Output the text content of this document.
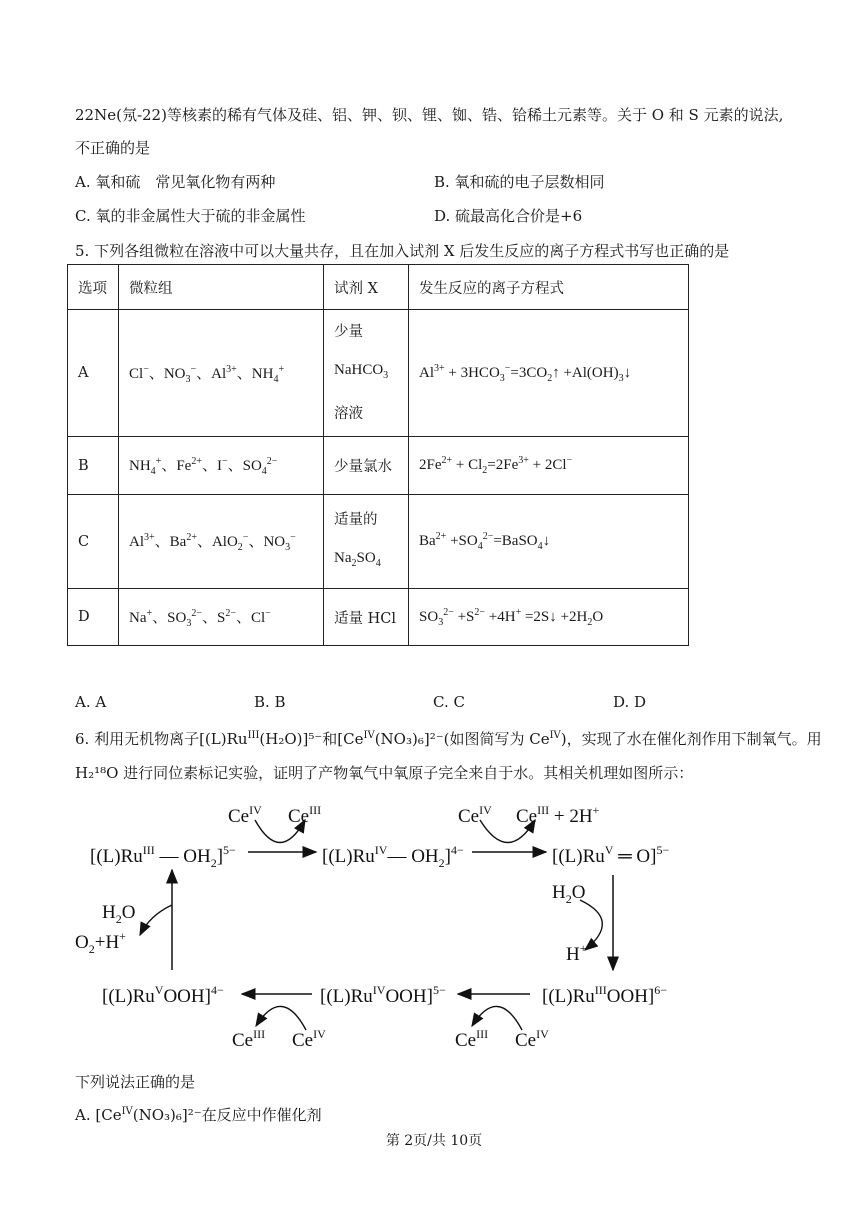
22Ne(氖-22)等核素的稀有气体及硅、铝、钾、钡、锂、铷、锆、铪稀土元素等。关于 O 和 S 元素的说法,
不正确的是
A. 氧和硫　常见氧化物有两种	B. 氧和硫的电子层数相同
C. 氧的非金属性大于硫的非金属性	D. 硫最高化合价是+6
5. 下列各组微粒在溶液中可以大量共存，且在加入试剂 X 后发生反应的离子方程式书写也正确的是
选项	微粒组	试剂 X	发生反应的离子方程式
A	Cl−、$NO_3^-$、$Al^{3+}$、$NH_4^+$	少量
NaHCO$_3$
溶液	$Al^{3+}$ + $3HCO_3^-=3CO_2↑$ $+Al(OH)_3↓$
B	$NH_4^+$、$Fe^{2+}$、I−、$SO_4^{2-}$	少量氯水	$2Fe^{2+} + Cl_2=2Fe^{3+} + 2Cl^-$
C	$Al^{3+}$、$Ba^{2+}$、AlO$_2$−、$NO_3^-$	适量的
$Na_2SO_4$	$Ba^{2+}$ $+SO_4^{2-}=BaSO_4↓$
D	Na+、$SO_3^{2-}$、$S^{2-}$、Cl−	适量 HCl	$SO_3^{2-} +S^{2-} +4H^+$ =2S↓ $+2H_2O$
A. A	B. B	C. C	D. D
6. 利用无机物离子$[(L)Ru^{III}(H_2O)]^{5-}$和$[Ce^{IV}(NO_3)_6]^{2-}$(如图简写为 $Ce^{IV}$)，实现了水在催化剂作用下制氧气。用
H₂¹⁸O 进行同位素标记实验，证明了产物氧气中氧原子完全来自于水。其相关机理如图所示：
[$(L)Ru^{III}$ — $OH_2]^{5-}$	[$(L)Ru^{IV}—$ $OH_2]^{4-}$	[$(L)Ru^V$ ═ O]$^{5-}$
$[(L)Ru^VOOH]^{4-}$	$[(L)Ru^{IV}OOH]^{5-}$	$[(L)Ru^{III}OOH]^{6-}$
$Ce^{IV}$ $Ce^{III}$	$Ce^{IV}$ $Ce^{III} + 2H^+$
$H_2O$
H+
$Ce^{III}$ $Ce^{IV}$
$Ce^{III}$ $Ce^{IV}$
$H_2O$
$O_2+H^+$
下列说法正确的是
A. $[Ce^{IV}(NO_3)_6]^{2-}$在反应中作催化剂
第 2页/共 10页
